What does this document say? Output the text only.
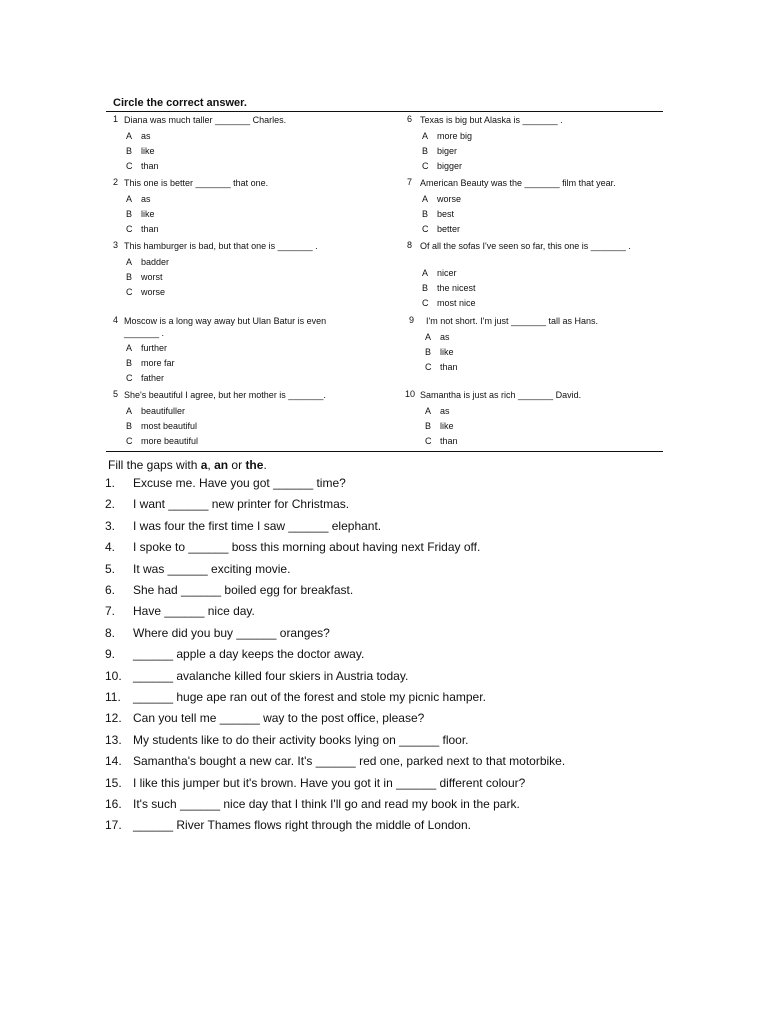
Circle the correct answer.
1 Diana was much taller _______ Charles.
A as
B like
C than
2 This one is better _______ that one.
A as
B like
C than
3 This hamburger is bad, but that one is _______ .
A badder
B worst
C worse
4 Moscow is a long way away but Ulan Batur is even _______ .
A further
B more far
C father
5 She's beautiful I agree, but her mother is _______.
A beautifuller
B most beautiful
C more beautiful
6 Texas is big but Alaska is _______ .
A more big
B biger
C bigger
7 American Beauty was the _______ film that year.
A worse
B best
C better
8 Of all the sofas I've seen so far, this one is _______ .
A nicer
B the nicest
C most nice
9 I'm not short. I'm just _______ tall as Hans.
A as
B like
C than
10 Samantha is just as rich _______ David.
A as
B like
C than
Fill the gaps with a, an or the.
1. Excuse me. Have you got ______ time?
2. I want ______ new printer for Christmas.
3. I was four the first time I saw ______ elephant.
4. I spoke to ______ boss this morning about having next Friday off.
5. It was ______ exciting movie.
6. She had ______ boiled egg for breakfast.
7. Have ______ nice day.
8. Where did you buy ______ oranges?
9. ______ apple a day keeps the doctor away.
10. ______ avalanche killed four skiers in Austria today.
11. ______ huge ape ran out of the forest and stole my picnic hamper.
12. Can you tell me ______ way to the post office, please?
13. My students like to do their activity books lying on ______ floor.
14. Samantha's bought a new car. It's ______ red one, parked next to that motorbike.
15. I like this jumper but it's brown. Have you got it in ______ different colour?
16. It's such ______ nice day that I think I'll go and read my book in the park.
17. ______ River Thames flows right through the middle of London.
